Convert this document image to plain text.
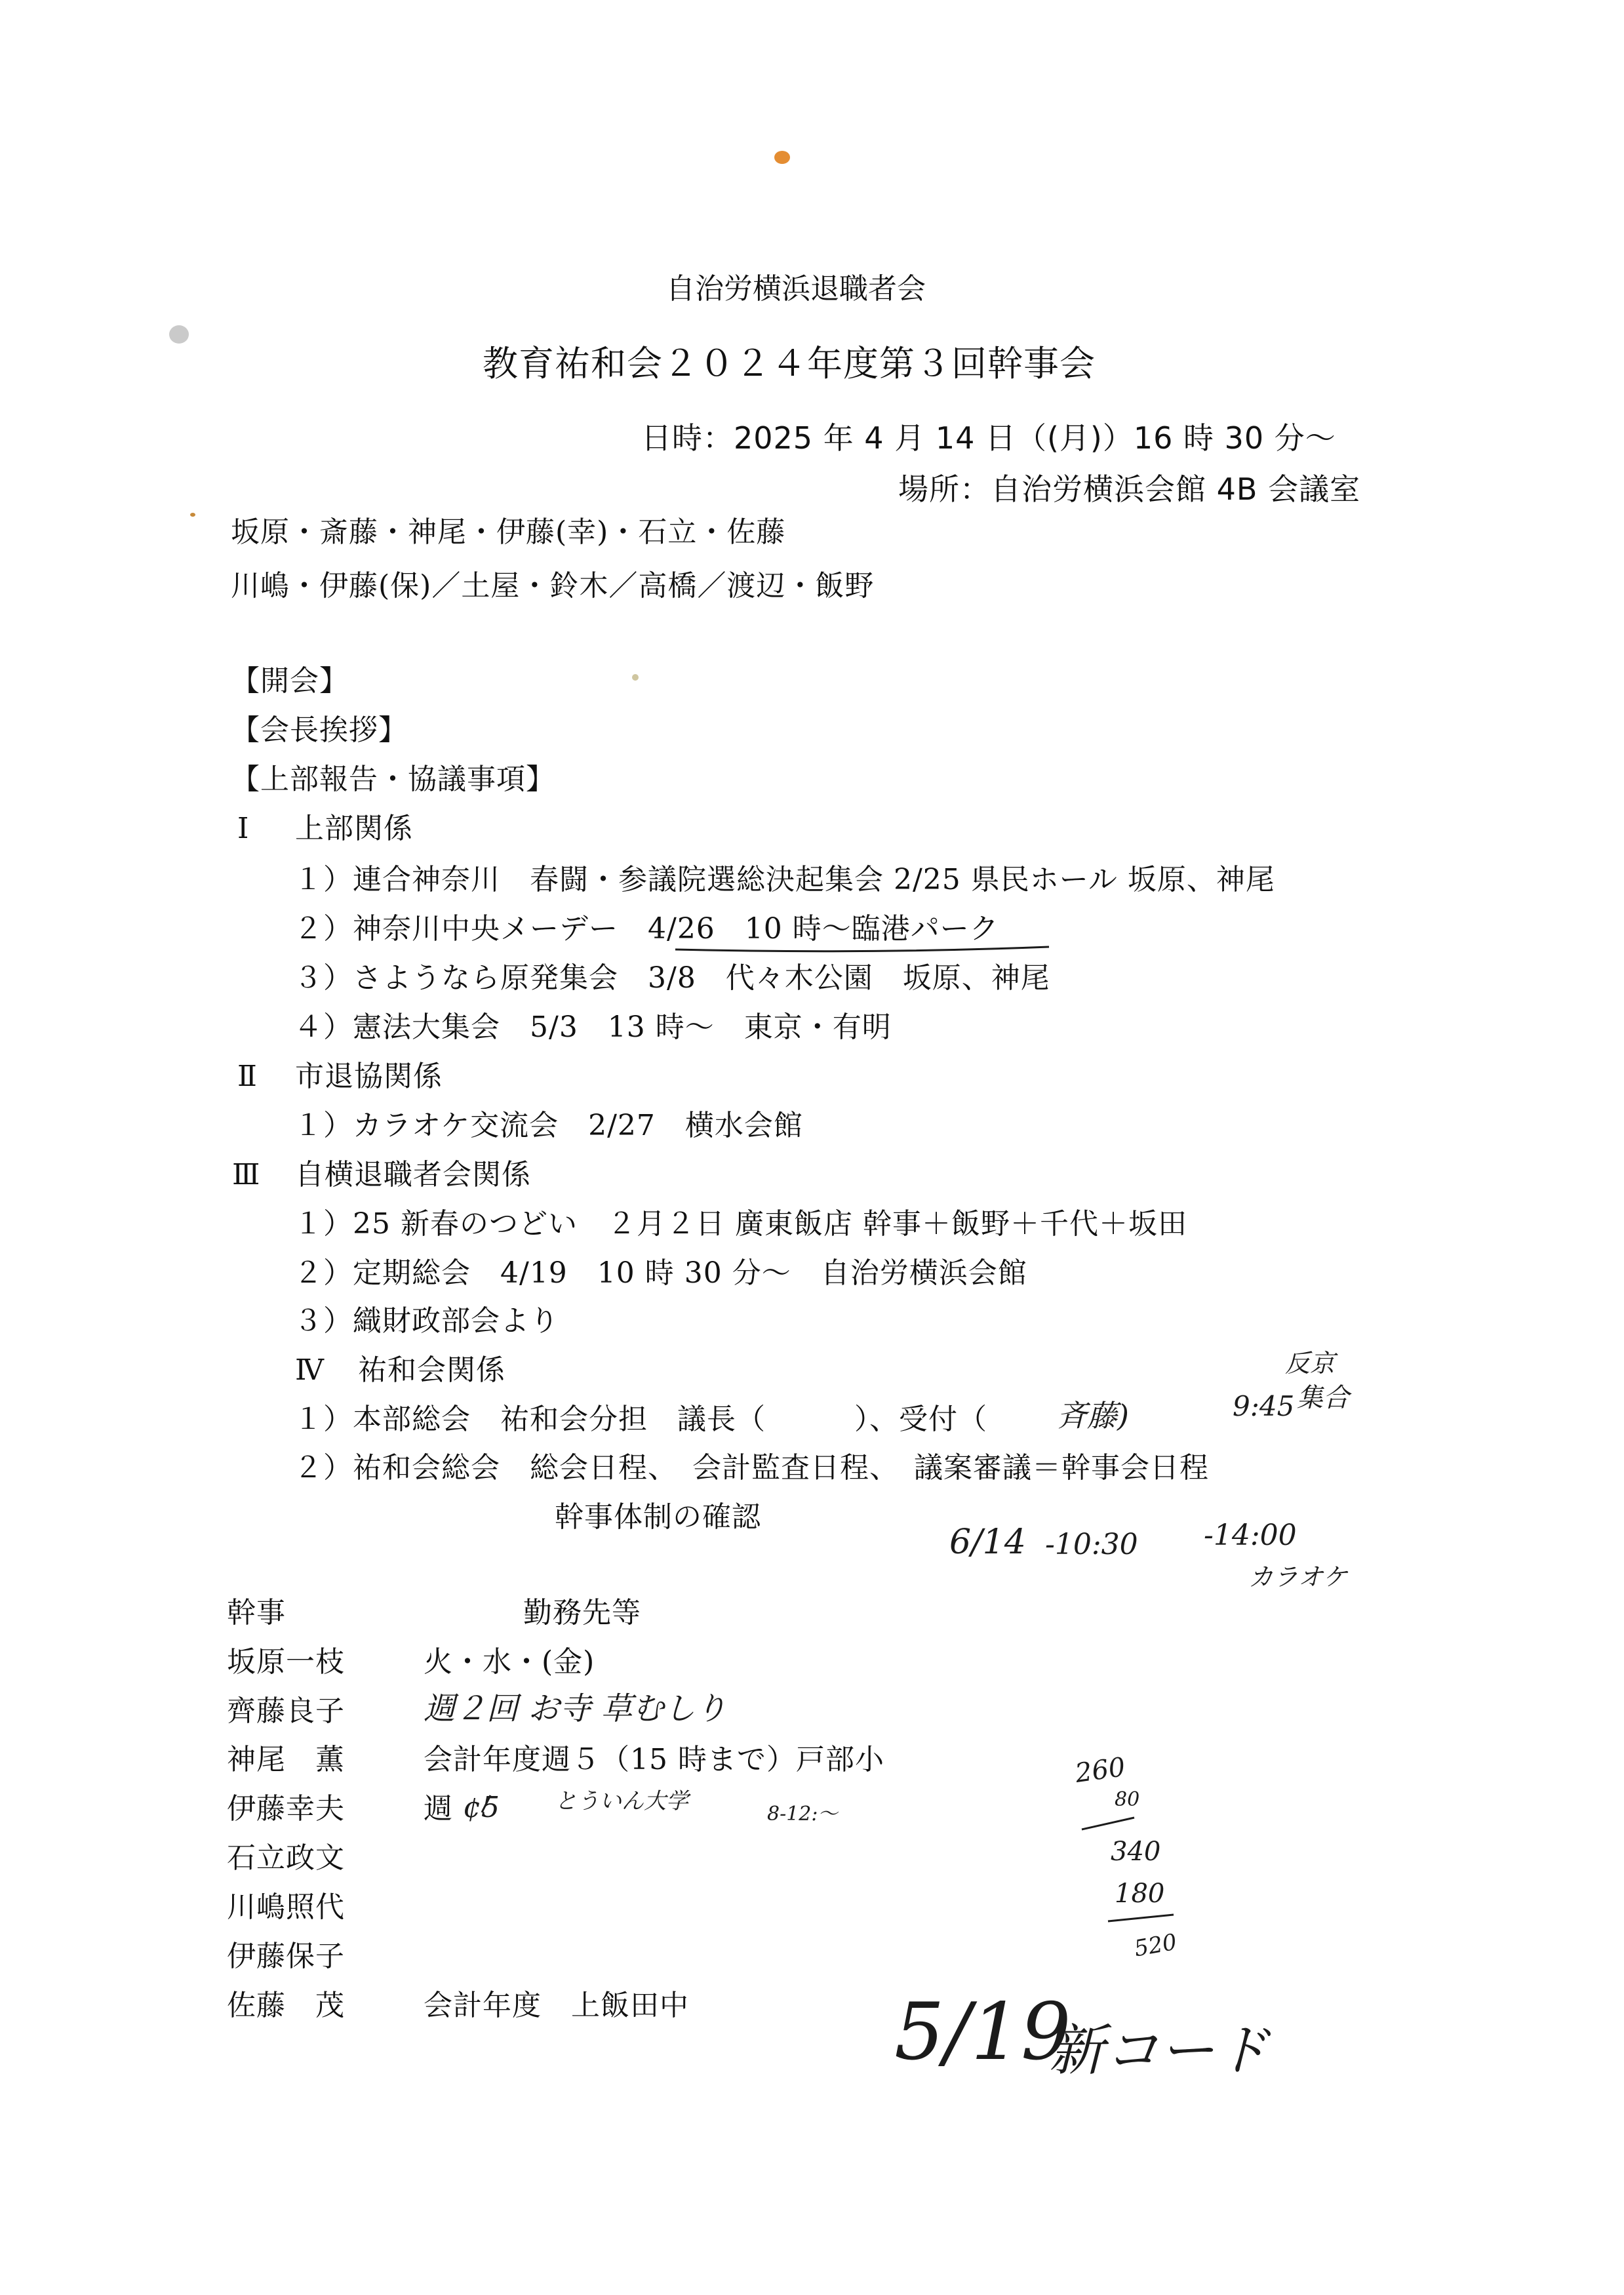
自治労横浜退職者会
教育祐和会２０２４年度第３回幹事会
日時：2025 年 4 月 14 日（(月)）16 時 30 分～
場所：自治労横浜会館 4B 会議室
坂原・斎藤・神尾・伊藤(幸)・石立・佐藤
川嶋・伊藤(保)／土屋・鈴木／高橋／渡辺・飯野
【開会】
【会長挨拶】
【上部報告・協議事項】
Ⅰ 上部関係
１）連合神奈川　春闘・参議院選総決起集会 2/25 県民ホール 坂原、神尾
２）神奈川中央メーデー　4/26　10 時～臨港パーク
３）さようなら原発集会　3/8　代々木公園　坂原、神尾
４）憲法大集会　5/3　13 時～　東京・有明
Ⅱ 市退協関係
１）カラオケ交流会　2/27　横水会館
Ⅲ 自横退職者会関係
１）25 新春のつどい　２月２日 廣東飯店 幹事＋飯野＋千代＋坂田
２）定期総会　4/19　10 時 30 分～　自治労横浜会館
３）織財政部会より
Ⅳ 祐和会関係
１）本部総会　祐和会分担　議長（　　　）、受付（
２）祐和会総会　総会日程、　会計監査日程、　議案審議＝幹事会日程
幹事体制の確認
斉藤)	9:45
反京
集合
6/14 -10:30 -14:00
カラオケ
幹事	勤務先等
坂原一枝	火・水・(金)
齊藤良子	週２回 お寺 草むしり
神尾　薫	会計年度週５（15 時まで）戸部小
伊藤幸夫	週 ¢5 とういん大学	8-12:～
石立政文
川嶋照代
伊藤保子
佐藤　茂	会計年度　上飯田中
260
80
340
180
520
5/19
新コード
